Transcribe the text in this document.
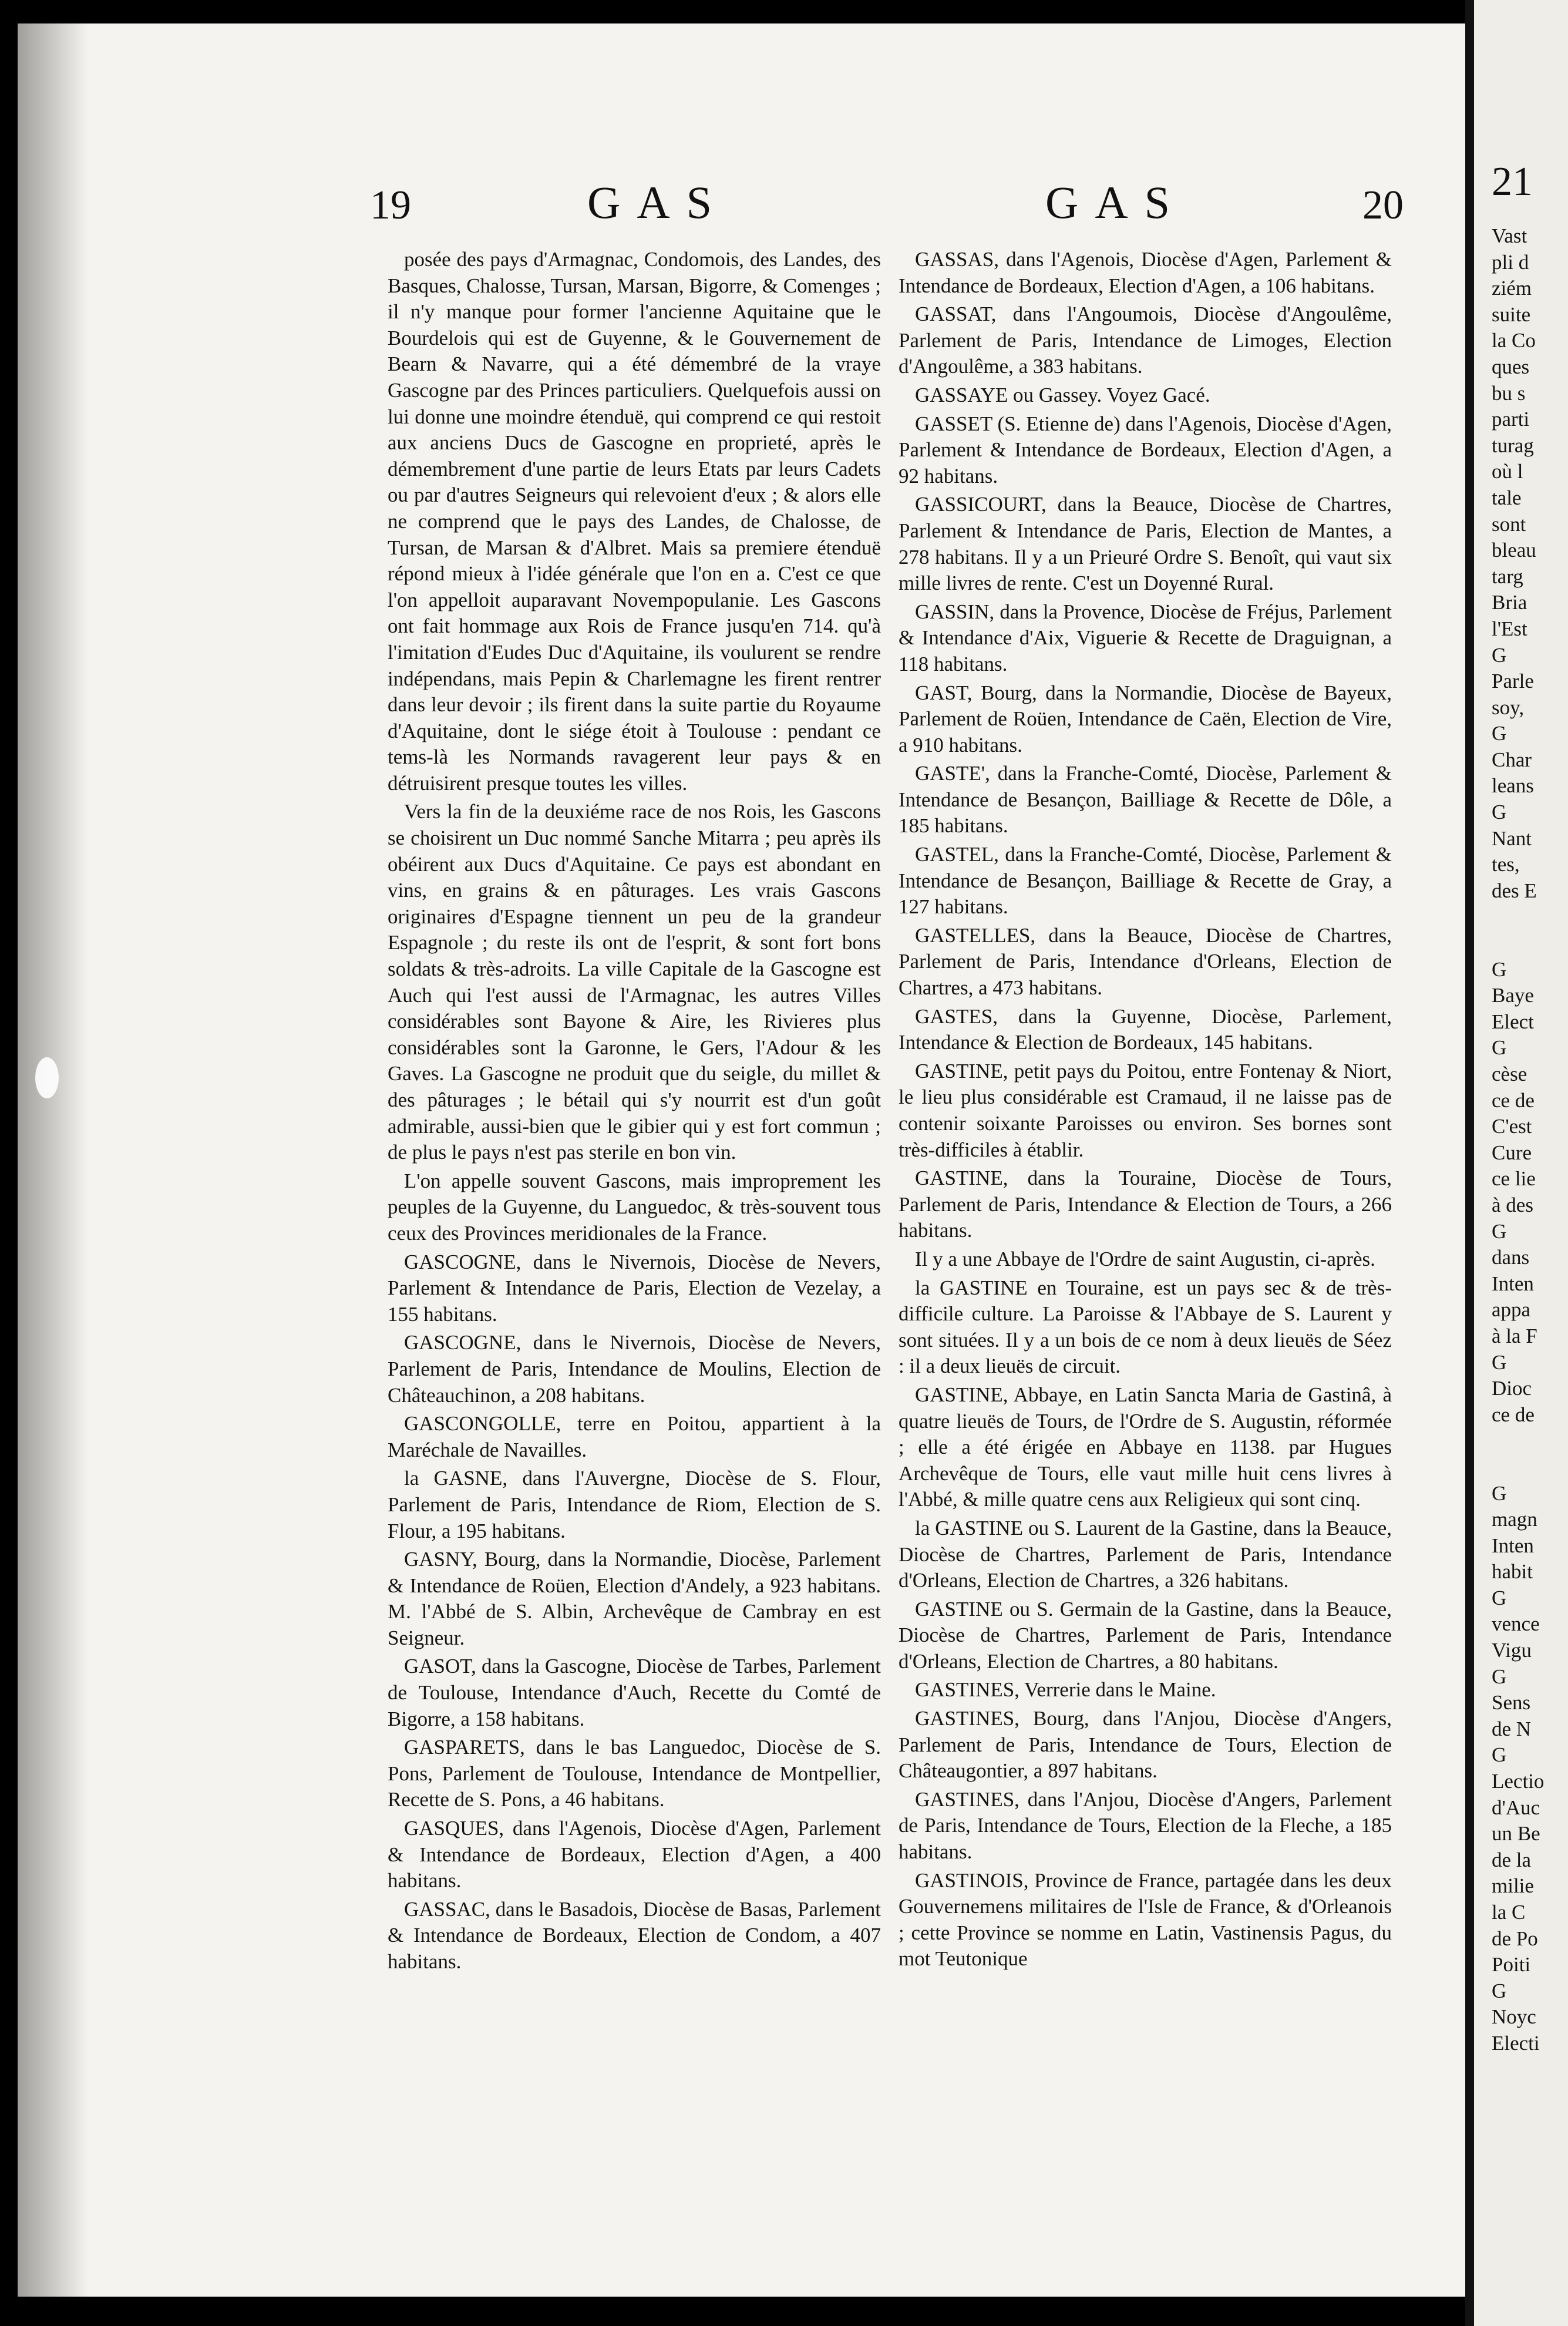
19	GAS	GAS	20

posée des pays d'Armagnac, Condomois, des Landes, des Basques, Chalosse, Tursan, Marsan, Bigorre, & Comenges ; il n'y manque pour former l'ancienne Aquitaine que le Bourdelois qui est de Guyenne, & le Gouvernement de Bearn & Navarre, qui a été démembré de la vraye Gascogne par des Princes particuliers. Quelquefois aussi on lui donne une moindre étenduë, qui comprend ce qui restoit aux anciens Ducs de Gascogne en proprieté, après le démembrement d'une partie de leurs Etats par leurs Cadets ou par d'autres Seigneurs qui relevoient d'eux ; & alors elle ne comprend que le pays des Landes, de Chalosse, de Tursan, de Marsan & d'Albret. Mais sa premiere étenduë répond mieux à l'idée générale que l'on en a. C'est ce que l'on appelloit auparavant Novempopulanie. Les Gascons ont fait hommage aux Rois de France jusqu'en 714. qu'à l'imitation d'Eudes Duc d'Aquitaine, ils voulurent se rendre indépendans, mais Pepin & Charlemagne les firent rentrer dans leur devoir ; ils firent dans la suite partie du Royaume d'Aquitaine, dont le siége étoit à Toulouse : pendant ce tems-là les Normands ravagerent leur pays & en détruisirent presque toutes les villes.

Vers la fin de la deuxiéme race de nos Rois, les Gascons se choisirent un Duc nommé Sanche Mitarra ; peu après ils obéirent aux Ducs d'Aquitaine. Ce pays est abondant en vins, en grains & en pâturages. Les vrais Gascons originaires d'Espagne tiennent un peu de la grandeur Espagnole ; du reste ils ont de l'esprit, & sont fort bons soldats & très-adroits. La ville Capitale de la Gascogne est Auch qui l'est aussi de l'Armagnac, les autres Villes considérables sont Bayone & Aire, les Rivieres plus considérables sont la Garonne, le Gers, l'Adour & les Gaves. La Gascogne ne produit que du seigle, du millet & des pâturages ; le bétail qui s'y nourrit est d'un goût admirable, aussi-bien que le gibier qui y est fort commun ; de plus le pays n'est pas sterile en bon vin.

L'on appelle souvent Gascons, mais improprement les peuples de la Guyenne, du Languedoc, & très-souvent tous ceux des Provinces meridionales de la France.

GASCOGNE, dans le Nivernois, Diocèse de Nevers, Parlement & Intendance de Paris, Election de Vezelay, a 155 habitans.

GASCOGNE, dans le Nivernois, Diocèse de Nevers, Parlement de Paris, Intendance de Moulins, Election de Châteauchinon, a 208 habitans.

GASCONGOLLE, terre en Poitou, appartient à la Maréchale de Navailles.

la GASNE, dans l'Auvergne, Diocèse de S. Flour, Parlement de Paris, Intendance de Riom, Election de S. Flour, a 195 habitans.

GASNY, Bourg, dans la Normandie, Diocèse, Parlement & Intendance de Roüen, Election d'Andely, a 923 habitans. M. l'Abbé de S. Albin, Archevêque de Cambray en est Seigneur.

GASOT, dans la Gascogne, Diocèse de Tarbes, Parlement de Toulouse, Intendance d'Auch, Recette du Comté de Bigorre, a 158 habitans.

GASPARETS, dans le bas Languedoc, Diocèse de S. Pons, Parlement de Toulouse, Intendance de Montpellier, Recette de S. Pons, a 46 habitans.

GASQUES, dans l'Agenois, Diocèse d'Agen, Parlement & Intendance de Bordeaux, Election d'Agen, a 400 habitans.

GASSAC, dans le Basadois, Diocèse de Basas, Parlement & Intendance de Bordeaux, Election de Condom, a 407 habitans.

GASSAS, dans l'Agenois, Diocèse d'Agen, Parlement & Intendance de Bordeaux, Election d'Agen, a 106 habitans.

GASSAT, dans l'Angoumois, Diocèse d'Angoulême, Parlement de Paris, Intendance de Limoges, Election d'Angoulême, a 383 habitans.

GASSAYE ou Gassey. Voyez Gacé.

GASSET (S. Etienne de) dans l'Agenois, Diocèse d'Agen, Parlement & Intendance de Bordeaux, Election d'Agen, a 92 habitans.

GASSICOURT, dans la Beauce, Diocèse de Chartres, Parlement & Intendance de Paris, Election de Mantes, a 278 habitans. Il y a un Prieuré Ordre S. Benoît, qui vaut six mille livres de rente. C'est un Doyenné Rural.

GASSIN, dans la Provence, Diocèse de Fréjus, Parlement & Intendance d'Aix, Viguerie & Recette de Draguignan, a 118 habitans.

GAST, Bourg, dans la Normandie, Diocèse de Bayeux, Parlement de Roüen, Intendance de Caën, Election de Vire, a 910 habitans.

GASTE', dans la Franche-Comté, Diocèse, Parlement & Intendance de Besançon, Bailliage & Recette de Dôle, a 185 habitans.

GASTEL, dans la Franche-Comté, Diocèse, Parlement & Intendance de Besançon, Bailliage & Recette de Gray, a 127 habitans.

GASTELLES, dans la Beauce, Diocèse de Chartres, Parlement de Paris, Intendance d'Orleans, Election de Chartres, a 473 habitans.

GASTES, dans la Guyenne, Diocèse, Parlement, Intendance & Election de Bordeaux, 145 habitans.

GASTINE, petit pays du Poitou, entre Fontenay & Niort, le lieu plus considérable est Cramaud, il ne laisse pas de contenir soixante Paroisses ou environ. Ses bornes sont très-difficiles à établir.

GASTINE, dans la Touraine, Diocèse de Tours, Parlement de Paris, Intendance & Election de Tours, a 266 habitans.

Il y a une Abbaye de l'Ordre de saint Augustin, ci-après.

la GASTINE en Touraine, est un pays sec & de très-difficile culture. La Paroisse & l'Abbaye de S. Laurent y sont situées. Il y a un bois de ce nom à deux lieuës de Séez : il a deux lieuës de circuit.

GASTINE, Abbaye, en Latin Sancta Maria de Gastinâ, à quatre lieuës de Tours, de l'Ordre de S. Augustin, réformée ; elle a été érigée en Abbaye en 1138. par Hugues Archevêque de Tours, elle vaut mille huit cens livres à l'Abbé, & mille quatre cens aux Religieux qui sont cinq.

la GASTINE ou S. Laurent de la Gastine, dans la Beauce, Diocèse de Chartres, Parlement de Paris, Intendance d'Orleans, Election de Chartres, a 326 habitans.

GASTINE ou S. Germain de la Gastine, dans la Beauce, Diocèse de Chartres, Parlement de Paris, Intendance d'Orleans, Election de Chartres, a 80 habitans.

GASTINES, Verrerie dans le Maine.

GASTINES, Bourg, dans l'Anjou, Diocèse d'Angers, Parlement de Paris, Intendance de Tours, Election de Châteaugontier, a 897 habitans.

GASTINES, dans l'Anjou, Diocèse d'Angers, Parlement de Paris, Intendance de Tours, Election de la Fleche, a 185 habitans.

GASTINOIS, Province de France, partagée dans les deux Gouvernemens militaires de l'Isle de France, & d'Orleanois ; cette Province se nomme en Latin, Vastinensis Pagus, du mot Teutonique

21
Vast
pli d
ziém
suite
la Co
ques
bu s
parti
turag
où l
tale
sont
bleau
targ
Bria
l'Est
G
Parle
soy,
G
Char
leans
G
Nant
tes,
des E

G
Baye
Elect
G
cèse
ce de
C'est
Cure
ce lie
à des
G
dans
Inten
appa
à la F
G
Dioc
ce de

G
magn
Inten
habit
G
vence
Vigu
G
Sens
de N
G
Lectio
d'Auc
un Be
de la
milie
la C
de Po
Poiti
G
Noyc
Electi
